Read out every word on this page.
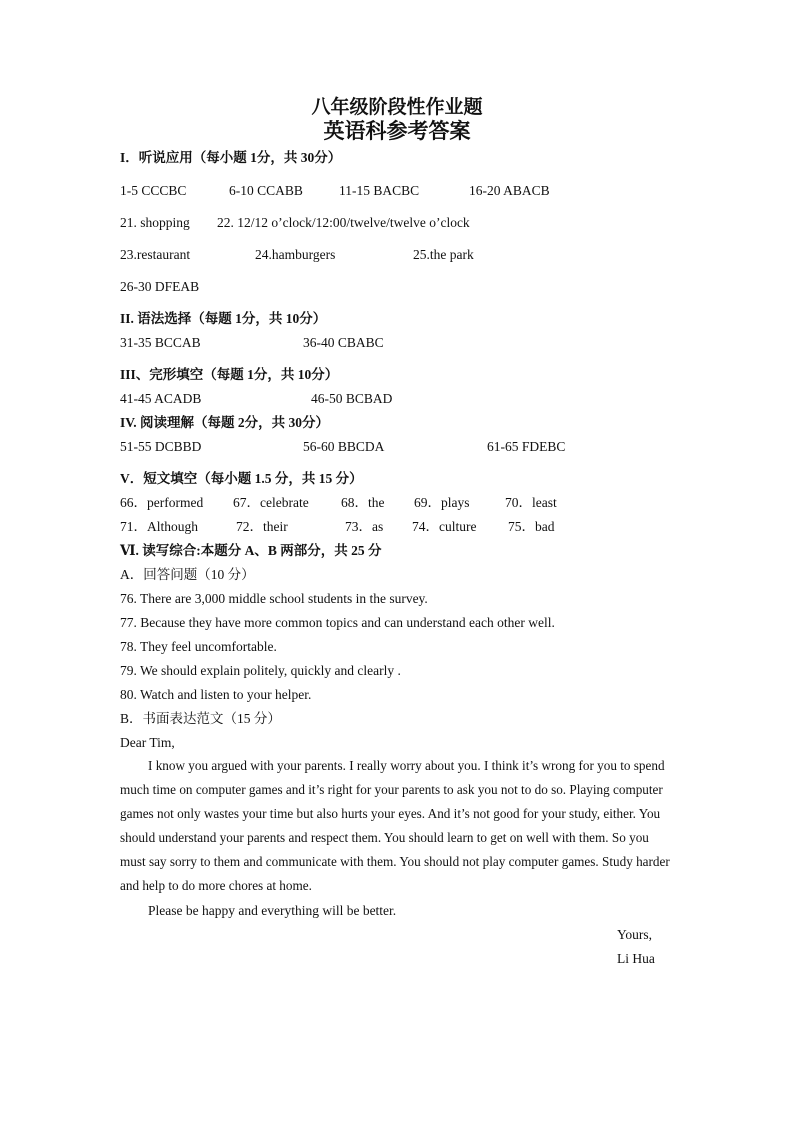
八年级阶段性作业题
英语科参考答案
I．听说应用（每小题 1分，共 30分）
1-5 CCCBC	6-10 CCABB	11-15 BACBC	16-20 ABACB
21. shopping 22. 12/12 o’clock/12:00/twelve/twelve o’clock
23.restaurant	24.hamburgers	25.the park
26-30 DFEAB
II. 语法选择（每题 1分，共 10分）
31-35 BCCAB	36-40 CBABC
III、完形填空（每题 1分，共 10分）
41-45 ACADB	46-50 BCBAD
IV. 阅读理解（每题 2分，共 30分）
51-55 DCBBD	56-60 BBCDA	61-65 FDEBC
V．短文填空（每小题 1.5 分，共 15 分）
66．performed 67．celebrate 68．the 69．plays	70．least
71．Although	72．their	73．as 74．culture 75．bad
Ⅵ. 读写综合:本题分 A、B 两部分，共 25 分
A．回答问题（10 分）
76. There are 3,000 middle school students in the survey.
77. Because they have more common topics and can understand each other well.
78. They feel uncomfortable.
79. We should explain politely, quickly and clearly .
80. Watch and listen to your helper.
B．书面表达范文（15 分）
Dear Tim,
I know you argued with your parents. I really worry about you. I think it’s wrong for you to spend much time on computer games and it’s right for your parents to ask you not to do so. Playing computer games not only wastes your time but also hurts your eyes. And it’s not good for your study, either. You should understand your parents and respect them. You should learn to get on well with them. So you must say sorry to them and communicate with them. You should not play computer games. Study harder and help to do more chores at home.
Please be happy and everything will be better.
Yours,
Li Hua
